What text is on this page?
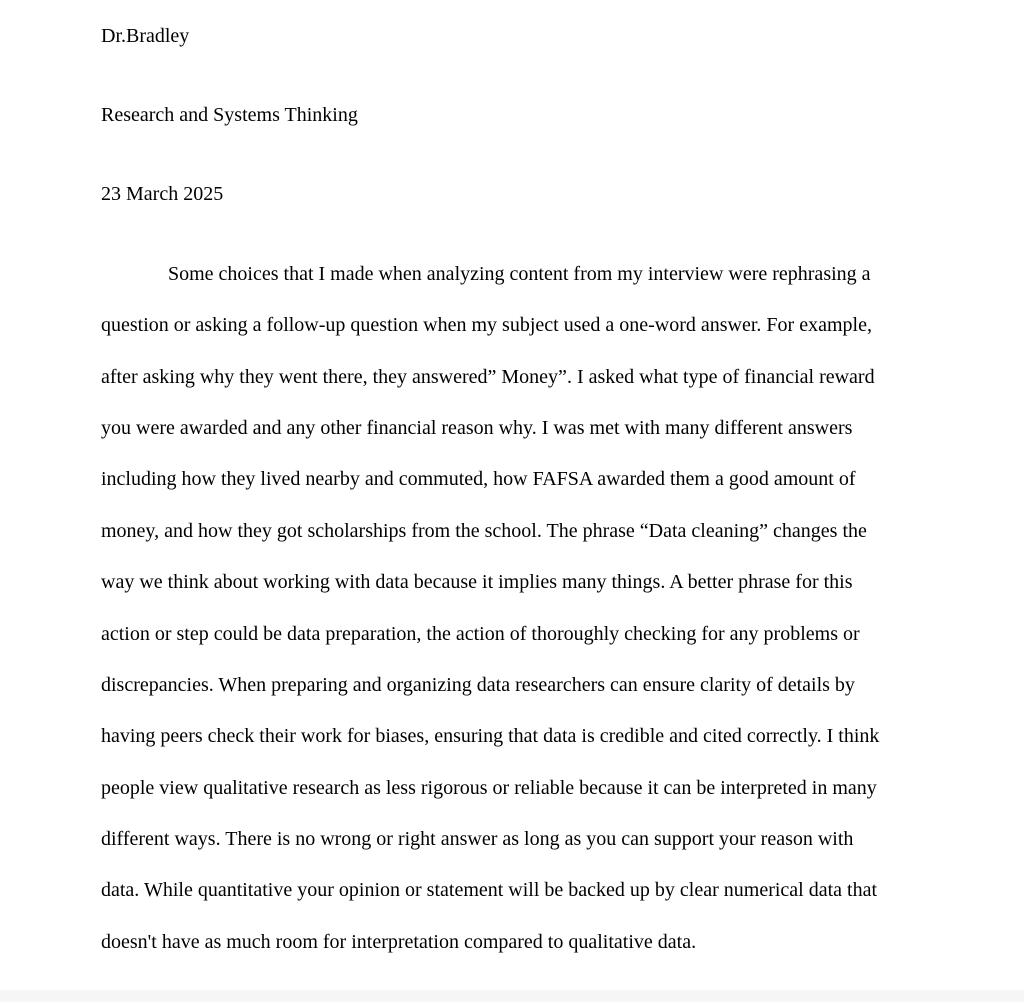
Dr.Bradley

Research and Systems Thinking

23 March 2025

Some choices that I made when analyzing content from my interview were rephrasing a

question or asking a follow-up question when my subject used a one-word answer. For example,

after asking why they went there, they answered” Money”. I asked what type of financial reward

you were awarded and any other financial reason why. I was met with many different answers

including how they lived nearby and commuted, how FAFSA awarded them a good amount of

money, and how they got scholarships from the school. The phrase “Data cleaning” changes the

way we think about working with data because it implies many things. A better phrase for this

action or step could be data preparation, the action of thoroughly checking for any problems or

discrepancies. When preparing and organizing data researchers can ensure clarity of details by

having peers check their work for biases, ensuring that data is credible and cited correctly. I think

people view qualitative research as less rigorous or reliable because it can be interpreted in many

different ways. There is no wrong or right answer as long as you can support your reason with

data. While quantitative your opinion or statement will be backed up by clear numerical data that

doesn't have as much room for interpretation compared to qualitative data.
